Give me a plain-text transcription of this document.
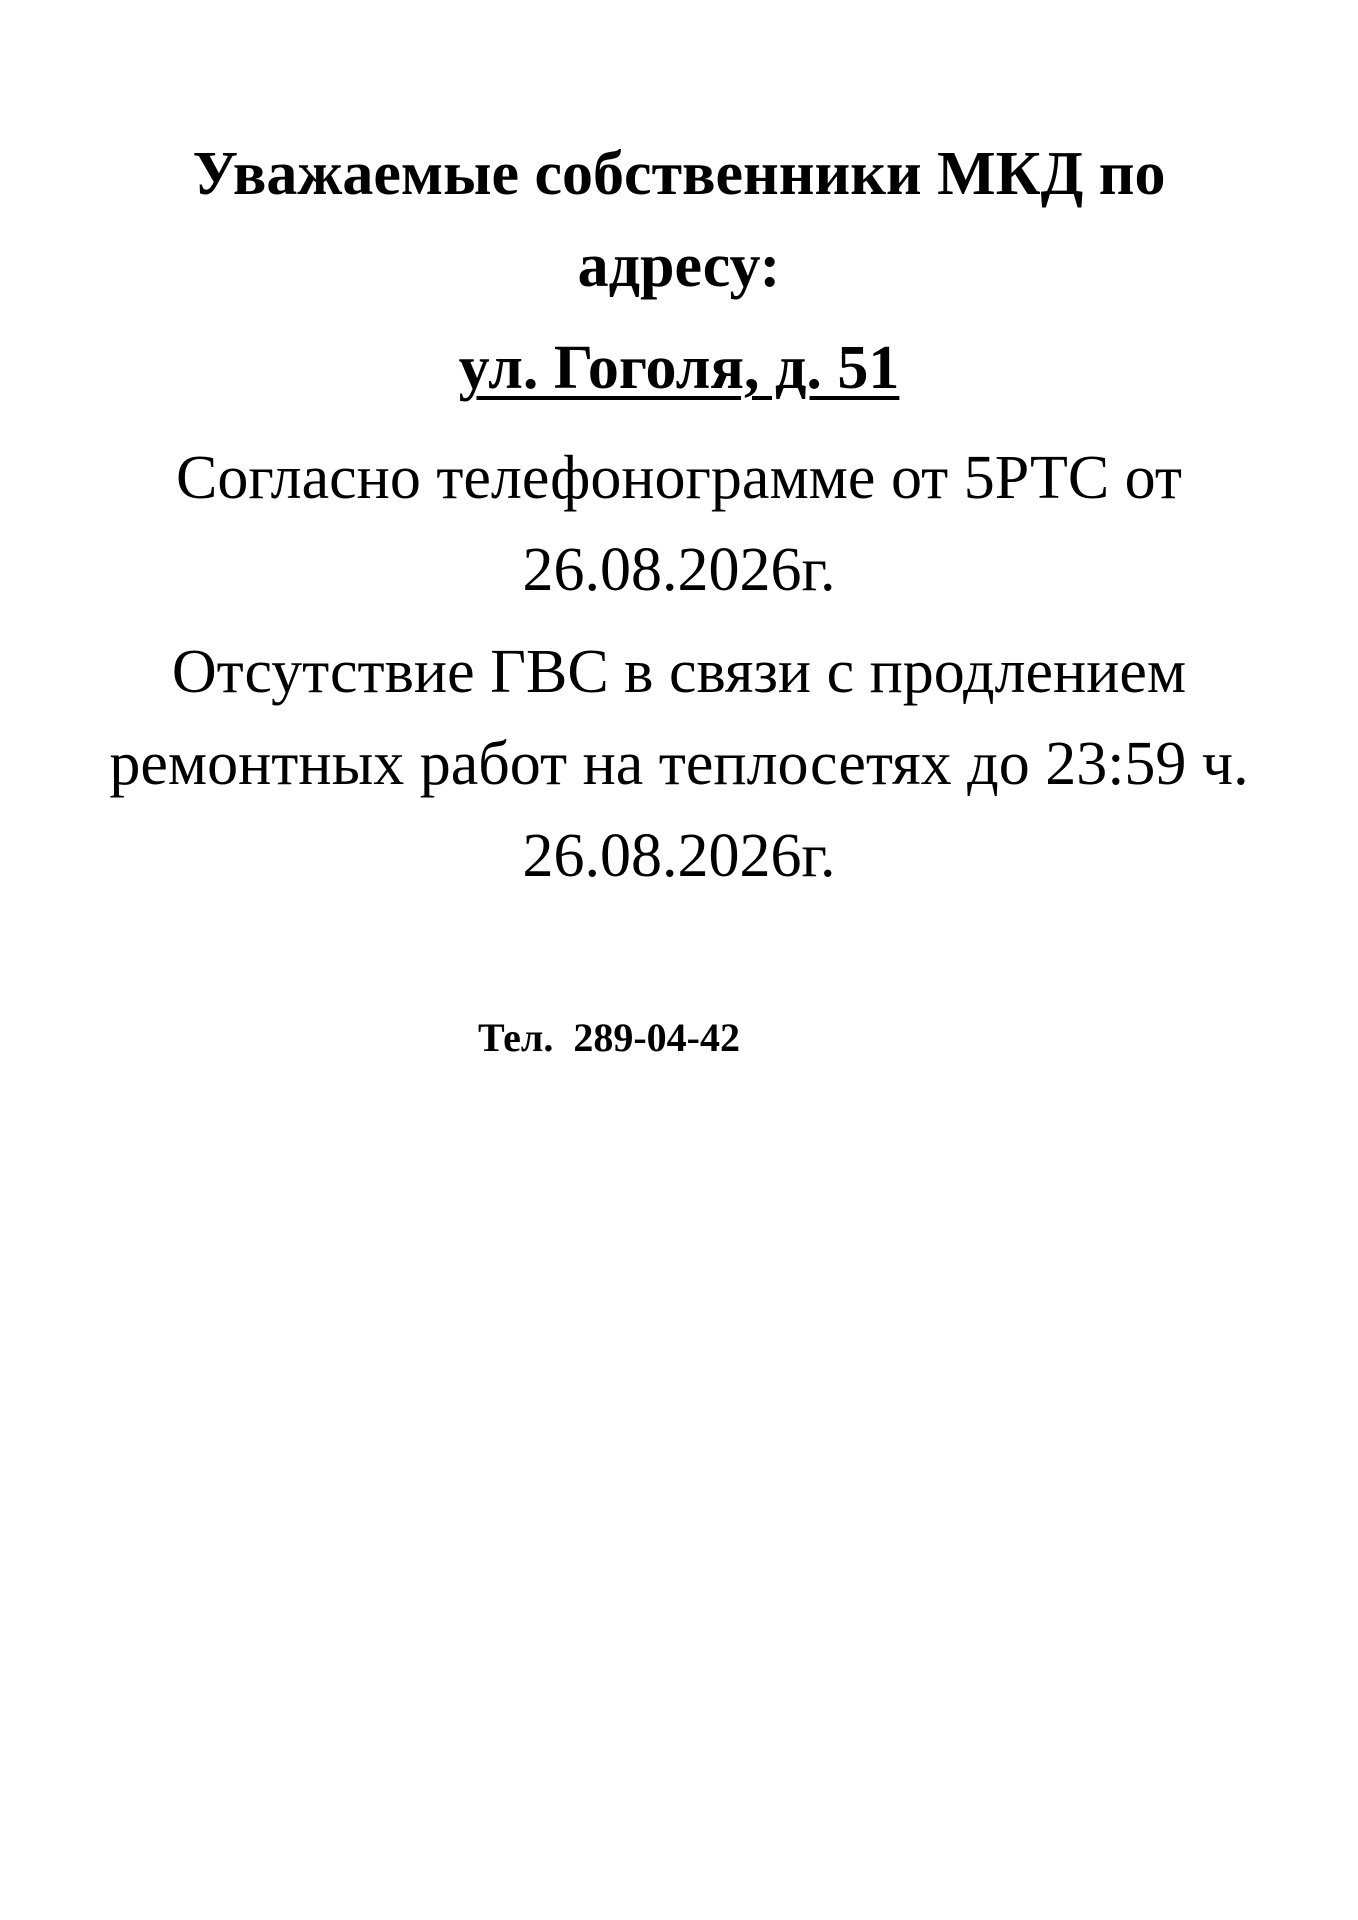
Уважаемые собственники МКД по
адресу:
ул. Гоголя, д. 51

Согласно телефонограмме от 5РТС от
26.08.2026г.

Отсутствие ГВС в связи с продлением
ремонтных работ на теплосетях до 23:59 ч.
26.08.2026г.

Тел.  289-04-42
